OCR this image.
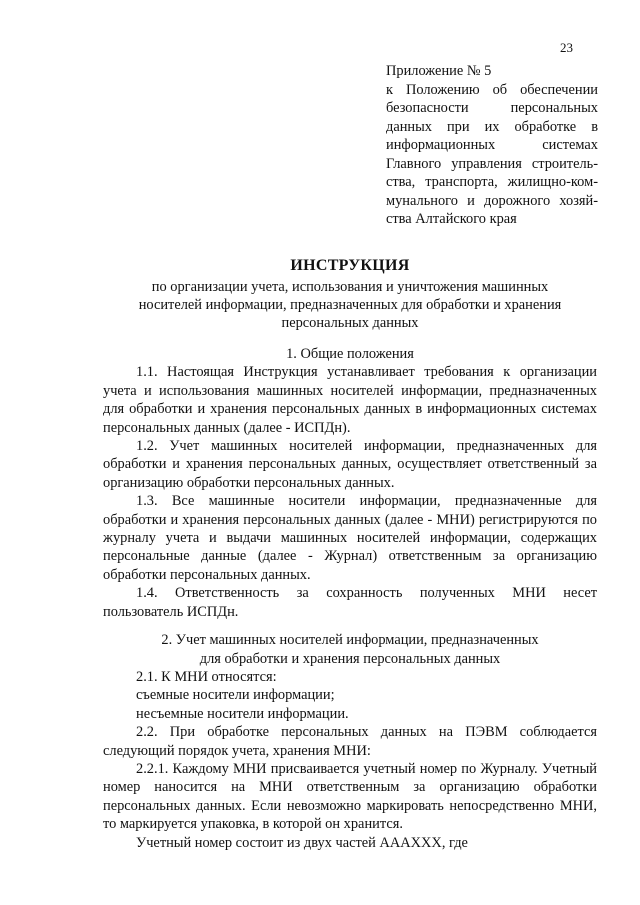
23
Приложение № 5
к Положению об обеспечении
безопасности персональных
данных при их обработке в
информационных системах
Главного управления строитель-
ства, транспорта, жилищно-ком-
мунального и дорожного хозяй-
ства Алтайского края
ИНСТРУКЦИЯ
по организации учета, использования и уничтожения машинных
носителей информации, предназначенных для обработки и хранения
персональных данных

1. Общие положения

1.1. Настоящая Инструкция устанавливает требования к организации учета и использования машинных носителей информации, предназначенных для обработки и хранения персональных данных в информационных системах персональных данных (далее - ИСПДн).

1.2. Учет машинных носителей информации, предназначенных для обработки и хранения персональных данных, осуществляет ответственный за организацию обработки персональных данных.

1.3. Все машинные носители информации, предназначенные для обработки и хранения персональных данных (далее - МНИ) регистрируются по журналу учета и выдачи машинных носителей информации, содержащих персональные данные (далее - Журнал) ответственным за организацию обработки персональных данных.

1.4. Ответственность за сохранность полученных МНИ несет пользователь ИСПДн.

2. Учет машинных носителей информации, предназначенных

для обработки и хранения персональных данных

2.1. К МНИ относятся:

съемные носители информации;

несъемные носители информации.

2.2. При обработке персональных данных на ПЭВМ соблюдается следующий порядок учета, хранения МНИ:

2.2.1. Каждому МНИ присваивается учетный номер по Журналу. Учетный номер наносится на МНИ ответственным за организацию обработки персональных данных. Если невозможно маркировать непосредственно МНИ, то маркируется упаковка, в которой он хранится.

Учетный номер состоит из двух частей АААХХХ, где
